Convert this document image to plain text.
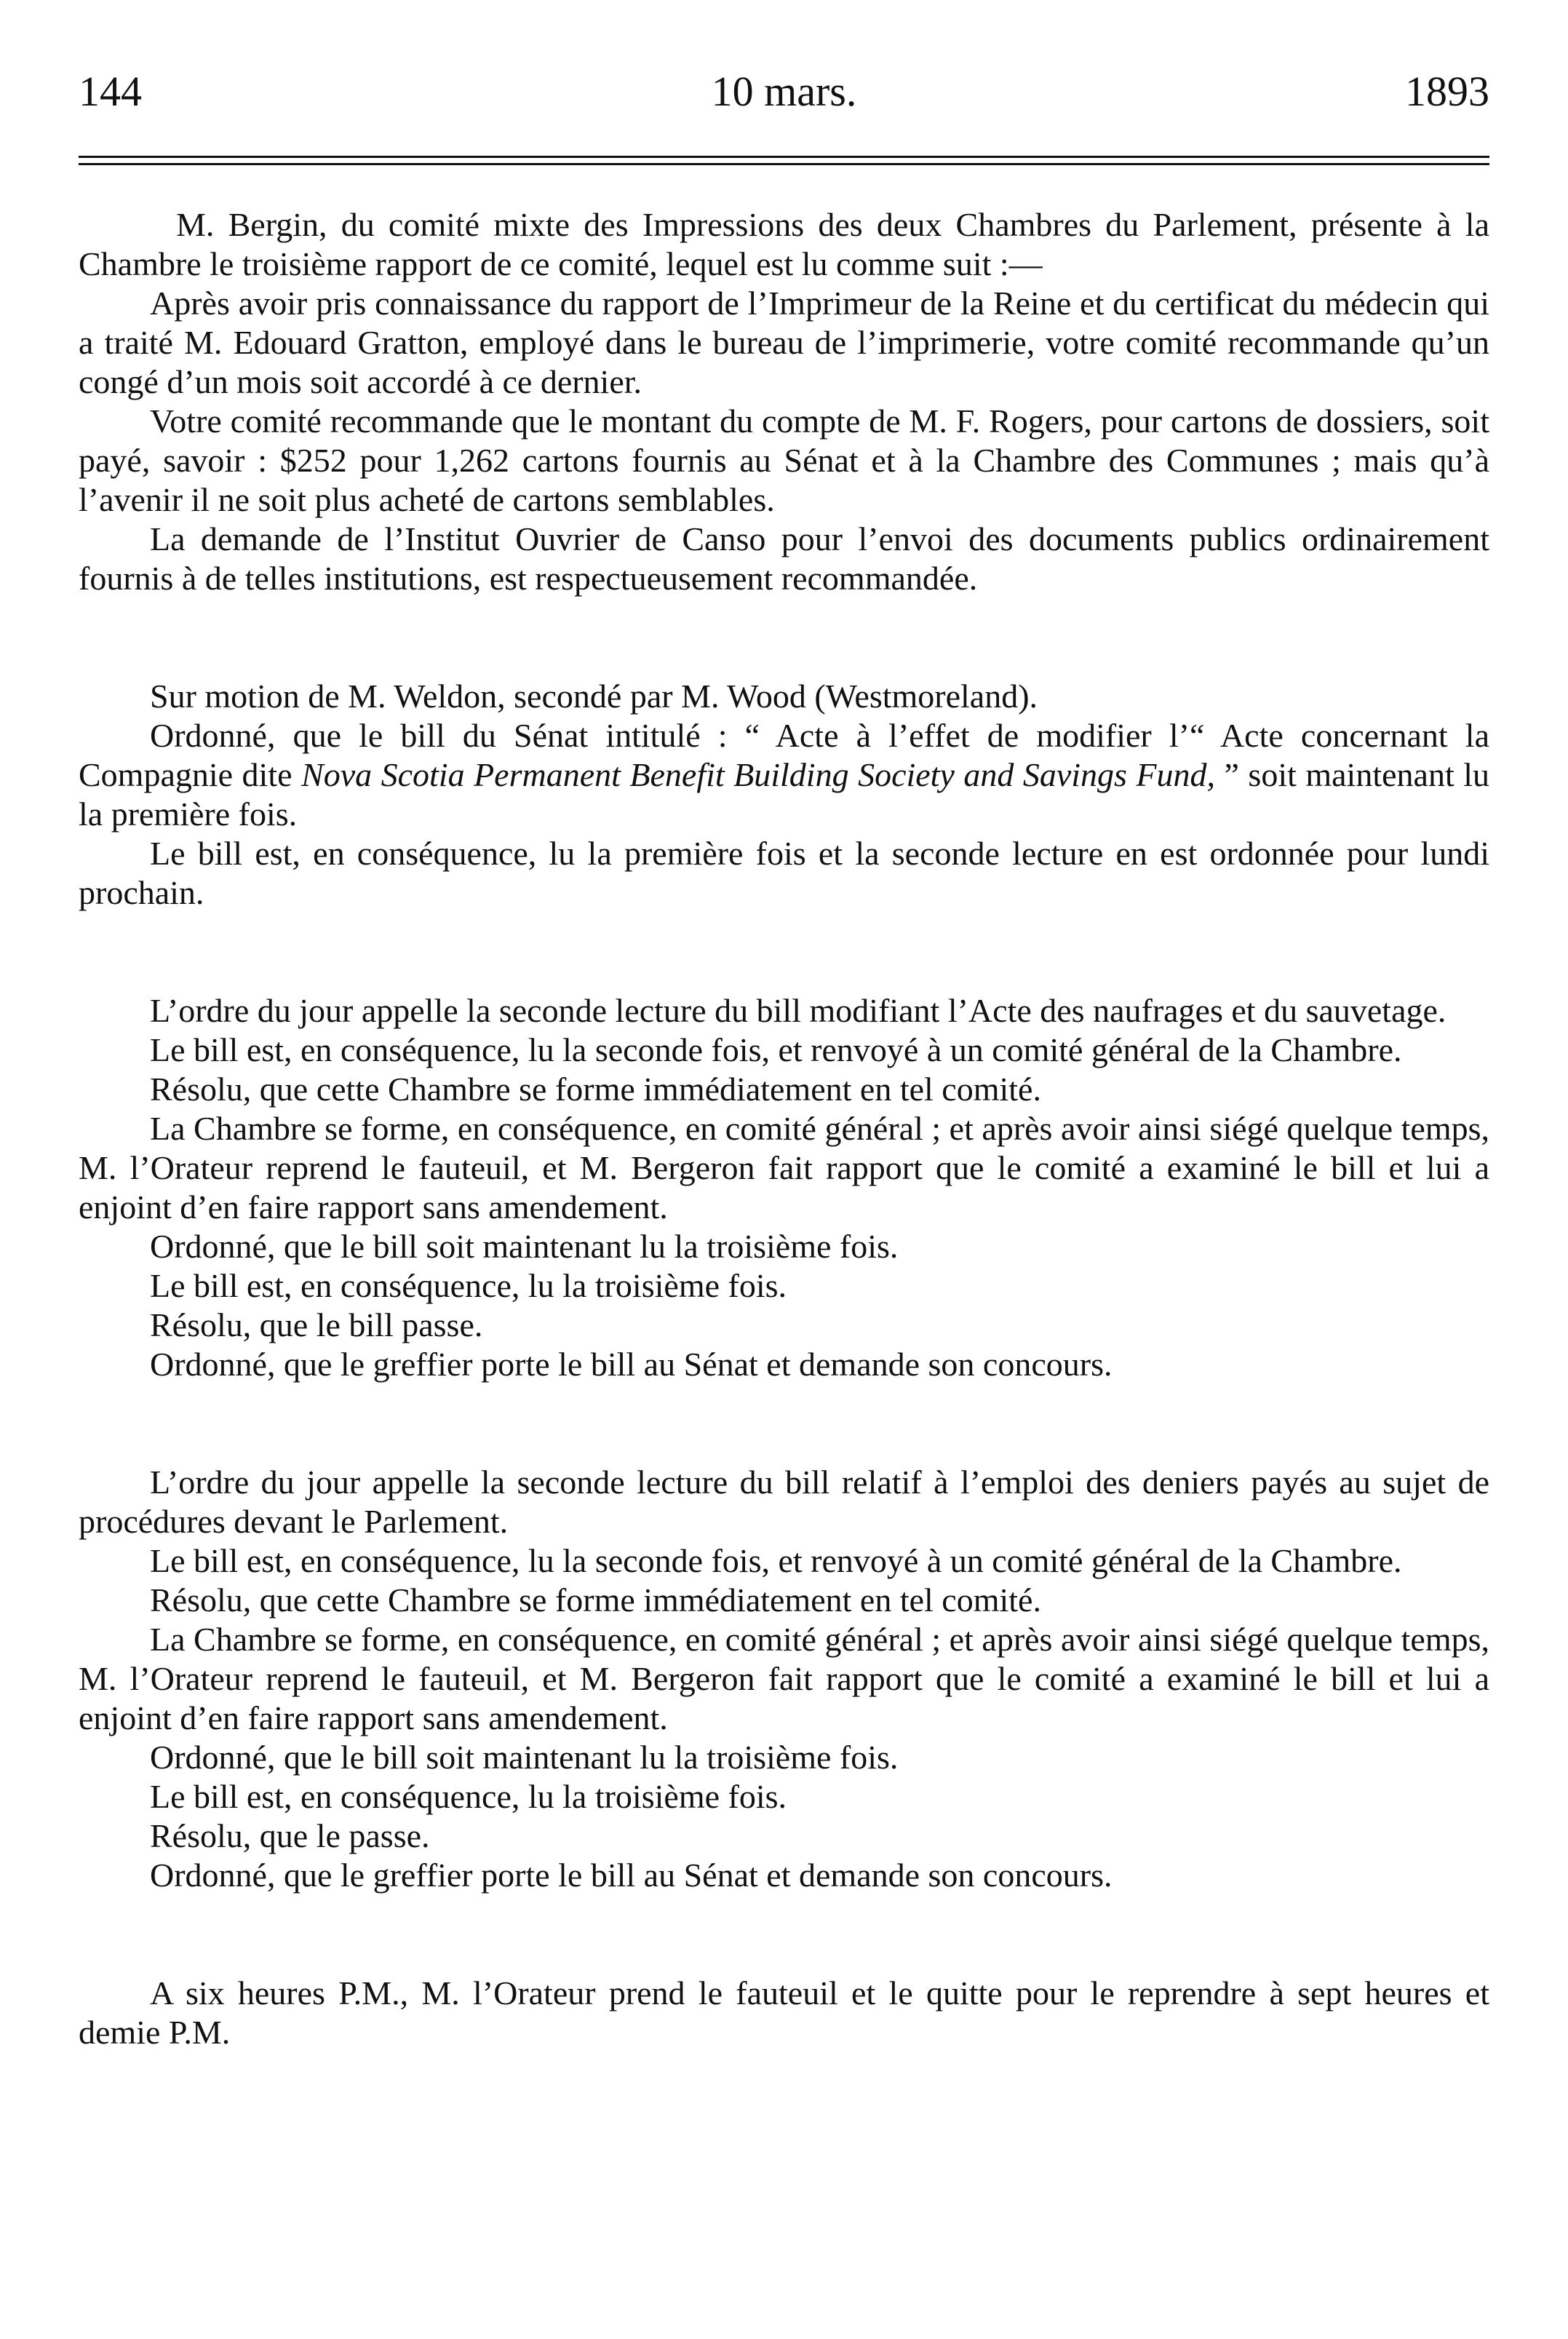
144	10 mars.	1893

M. Bergin, du comité mixte des Impressions des deux Chambres du Parlement, présente à la Chambre le troisième rapport de ce comité, lequel est lu comme suit :—

Après avoir pris connaissance du rapport de l’Imprimeur de la Reine et du certificat du médecin qui a traité M. Edouard Gratton, employé dans le bureau de l’imprimerie, votre comité recommande qu’un congé d’un mois soit accordé à ce dernier.

Votre comité recommande que le montant du compte de M. F. Rogers, pour cartons de dossiers, soit payé, savoir : $252 pour 1,262 cartons fournis au Sénat et à la Chambre des Communes ; mais qu’à l’avenir il ne soit plus acheté de cartons semblables.

La demande de l’Institut Ouvrier de Canso pour l’envoi des documents publics ordinairement fournis à de telles institutions, est respectueusement recommandée.

Sur motion de M. Weldon, secondé par M. Wood (Westmoreland).

Ordonné, que le bill du Sénat intitulé : “ Acte à l’effet de modifier l’“ Acte concernant la Compagnie dite Nova Scotia Permanent Benefit Building Society and Savings Fund, ” soit maintenant lu la première fois.

Le bill est, en conséquence, lu la première fois et la seconde lecture en est ordonnée pour lundi prochain.

L’ordre du jour appelle la seconde lecture du bill modifiant l’Acte des naufrages et du sauvetage.

Le bill est, en conséquence, lu la seconde fois, et renvoyé à un comité général de la Chambre.

Résolu, que cette Chambre se forme immédiatement en tel comité.

La Chambre se forme, en conséquence, en comité général ; et après avoir ainsi siégé quelque temps, M. l’Orateur reprend le fauteuil, et M. Bergeron fait rapport que le comité a examiné le bill et lui a enjoint d’en faire rapport sans amendement.

Ordonné, que le bill soit maintenant lu la troisième fois.

Le bill est, en conséquence, lu la troisième fois.

Résolu, que le bill passe.

Ordonné, que le greffier porte le bill au Sénat et demande son concours.

L’ordre du jour appelle la seconde lecture du bill relatif à l’emploi des deniers payés au sujet de procédures devant le Parlement.

Le bill est, en conséquence, lu la seconde fois, et renvoyé à un comité général de la Chambre.

Résolu, que cette Chambre se forme immédiatement en tel comité.

La Chambre se forme, en conséquence, en comité général ; et après avoir ainsi siégé quelque temps, M. l’Orateur reprend le fauteuil, et M. Bergeron fait rapport que le comité a examiné le bill et lui a enjoint d’en faire rapport sans amendement.

Ordonné, que le bill soit maintenant lu la troisième fois.

Le bill est, en conséquence, lu la troisième fois.

Résolu, que le passe.

Ordonné, que le greffier porte le bill au Sénat et demande son concours.

A six heures P.M., M. l’Orateur prend le fauteuil et le quitte pour le reprendre à sept heures et demie P.M.
